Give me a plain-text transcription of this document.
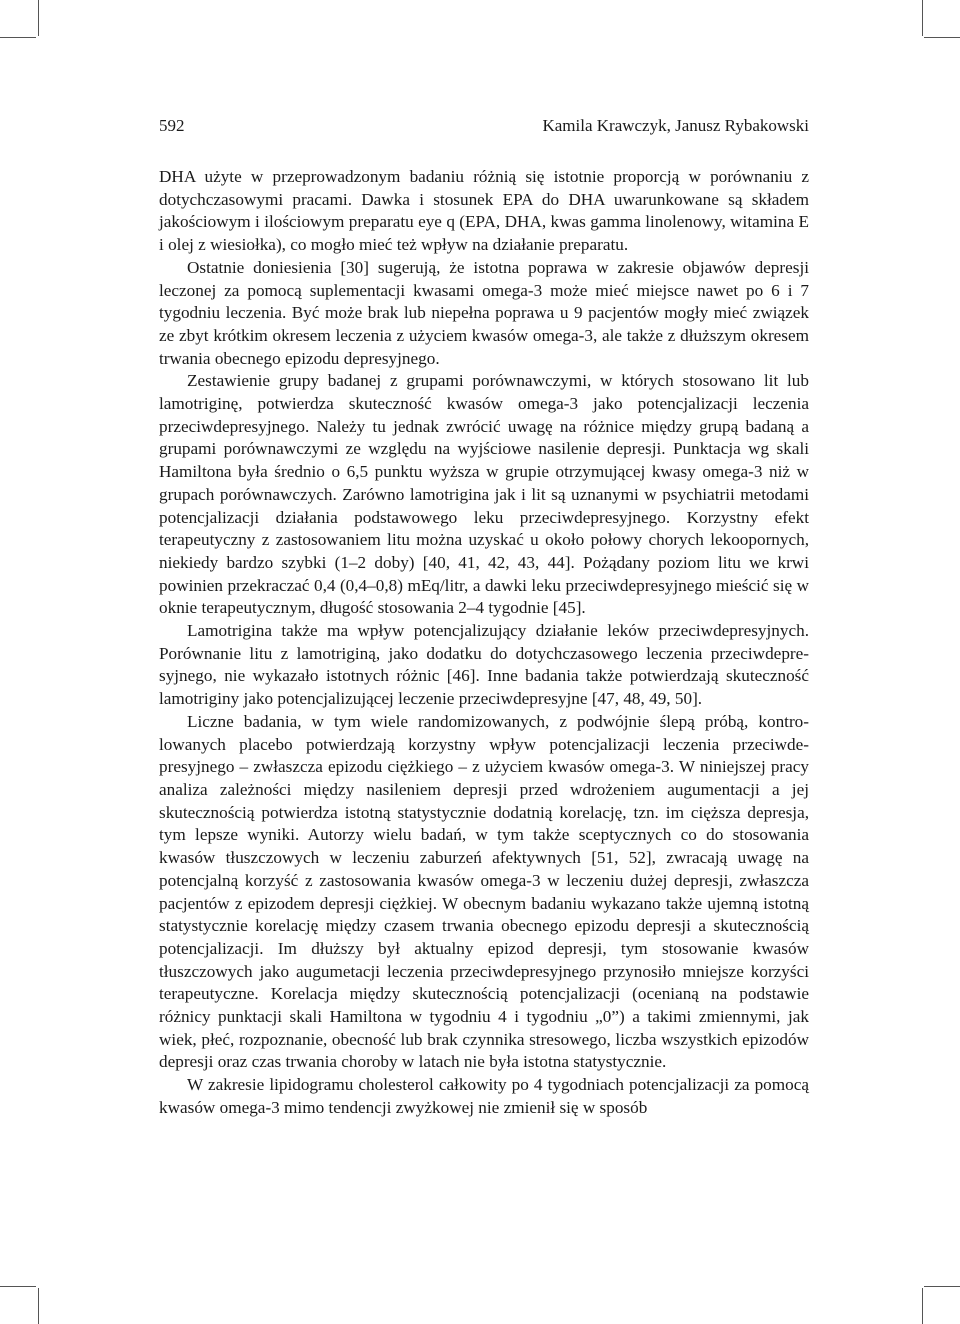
592	Kamila Krawczyk, Janusz Rybakowski

DHA użyte w przeprowadzonym badaniu różnią się istotnie proporcją w porównaniu z dotychczasowymi pracami. Dawka i stosunek EPA do DHA uwarunkowane są składem jakościowym i ilościowym preparatu eye q (EPA, DHA, kwas gamma linolenowy, witamina E i olej z wiesiołka), co mogło mieć też wpływ na działanie preparatu.

Ostatnie doniesienia [30] sugerują, że istotna poprawa w zakresie objawów depresji leczonej za pomocą suplementacji kwasami omega-3 może mieć miejsce nawet po 6 i 7 tygodniu leczenia. Być może brak lub niepełna poprawa u 9 pacjentów mogły mieć związek ze zbyt krótkim okresem leczenia z użyciem kwasów omega-3, ale także z dłuższym okresem trwania obecnego epizodu depresyjnego.

Zestawienie grupy badanej z grupami porównawczymi, w których stosowano lit lub lamotriginę, potwierdza skuteczność kwasów omega-3 jako potencjalizacji leczenia przeciwdepresyjnego. Należy tu jednak zwrócić uwagę na różnice między grupą badaną a grupami porównawczymi ze względu na wyjściowe nasilenie depresji. Punktacja wg skali Hamiltona była średnio o 6,5 punktu wyższa w grupie otrzymującej kwasy omega-3 niż w grupach porównawczych. Zarówno lamotrigina jak i lit są uznanymi w psychiatrii metodami potencjalizacji działania podstawowego leku przeciwdepresyjnego. Korzystny efekt terapeutyczny z zastosowaniem litu można uzyskać u około połowy chorych lekoopornych, niekiedy bardzo szybki (1–2 doby) [40, 41, 42, 43, 44]. Pożądany poziom litu we krwi powinien przekraczać 0,4 (0,4–0,8) mEq/litr, a dawki leku przeciwdepresyjnego mieścić się w oknie terapeutycznym, długość stosowania 2–4 tygodnie [45].

Lamotrigina także ma wpływ potencjalizujący działanie leków przeciwdepresyjnych. Porównanie litu z lamotriginą, jako dodatku do dotychczasowego leczenia przeciwdepresyjnego, nie wykazało istotnych różnic [46]. Inne badania także potwierdzają skuteczność lamotriginy jako potencjalizującej leczenie przeciwdepresyjne [47, 48, 49, 50].

Liczne badania, w tym wiele randomizowanych, z podwójnie ślepą próbą, kontrolowanych placebo potwierdzają korzystny wpływ potencjalizacji leczenia przeciwdepresyjnego – zwłaszcza epizodu ciężkiego – z użyciem kwasów omega-3. W niniejszej pracy analiza zależności między nasileniem depresji przed wdrożeniem augumentacji a jej skutecznością potwierdza istotną statystycznie dodatnią korelację, tzn. im cięższa depresja, tym lepsze wyniki. Autorzy wielu badań, w tym także sceptycznych co do stosowania kwasów tłuszczowych w leczeniu zaburzeń afektywnych [51, 52], zwracają uwagę na potencjalną korzyść z zastosowania kwasów omega-3 w leczeniu dużej depresji, zwłaszcza pacjentów z epizodem depresji ciężkiej. W obecnym badaniu wykazano także ujemną istotną statystycznie korelację między czasem trwania obecnego epizodu depresji a skutecznością potencjalizacji. Im dłuższy był aktualny epizod depresji, tym stosowanie kwasów tłuszczowych jako augumetacji leczenia przeciwdepresyjnego przynosiło mniejsze korzyści terapeutyczne. Korelacja między skutecznością potencjalizacji (ocenianą na podstawie różnicy punktacji skali Hamiltona w tygodniu 4 i tygodniu „0”) a takimi zmiennymi, jak wiek, płeć, rozpoznanie, obecność lub brak czynnika stresowego, liczba wszystkich epizodów depresji oraz czas trwania choroby w latach nie była istotna statystycznie.

W zakresie lipidogramu cholesterol całkowity po 4 tygodniach potencjalizacji za pomocą kwasów omega-3 mimo tendencji zwyżkowej nie zmienił się w sposób
